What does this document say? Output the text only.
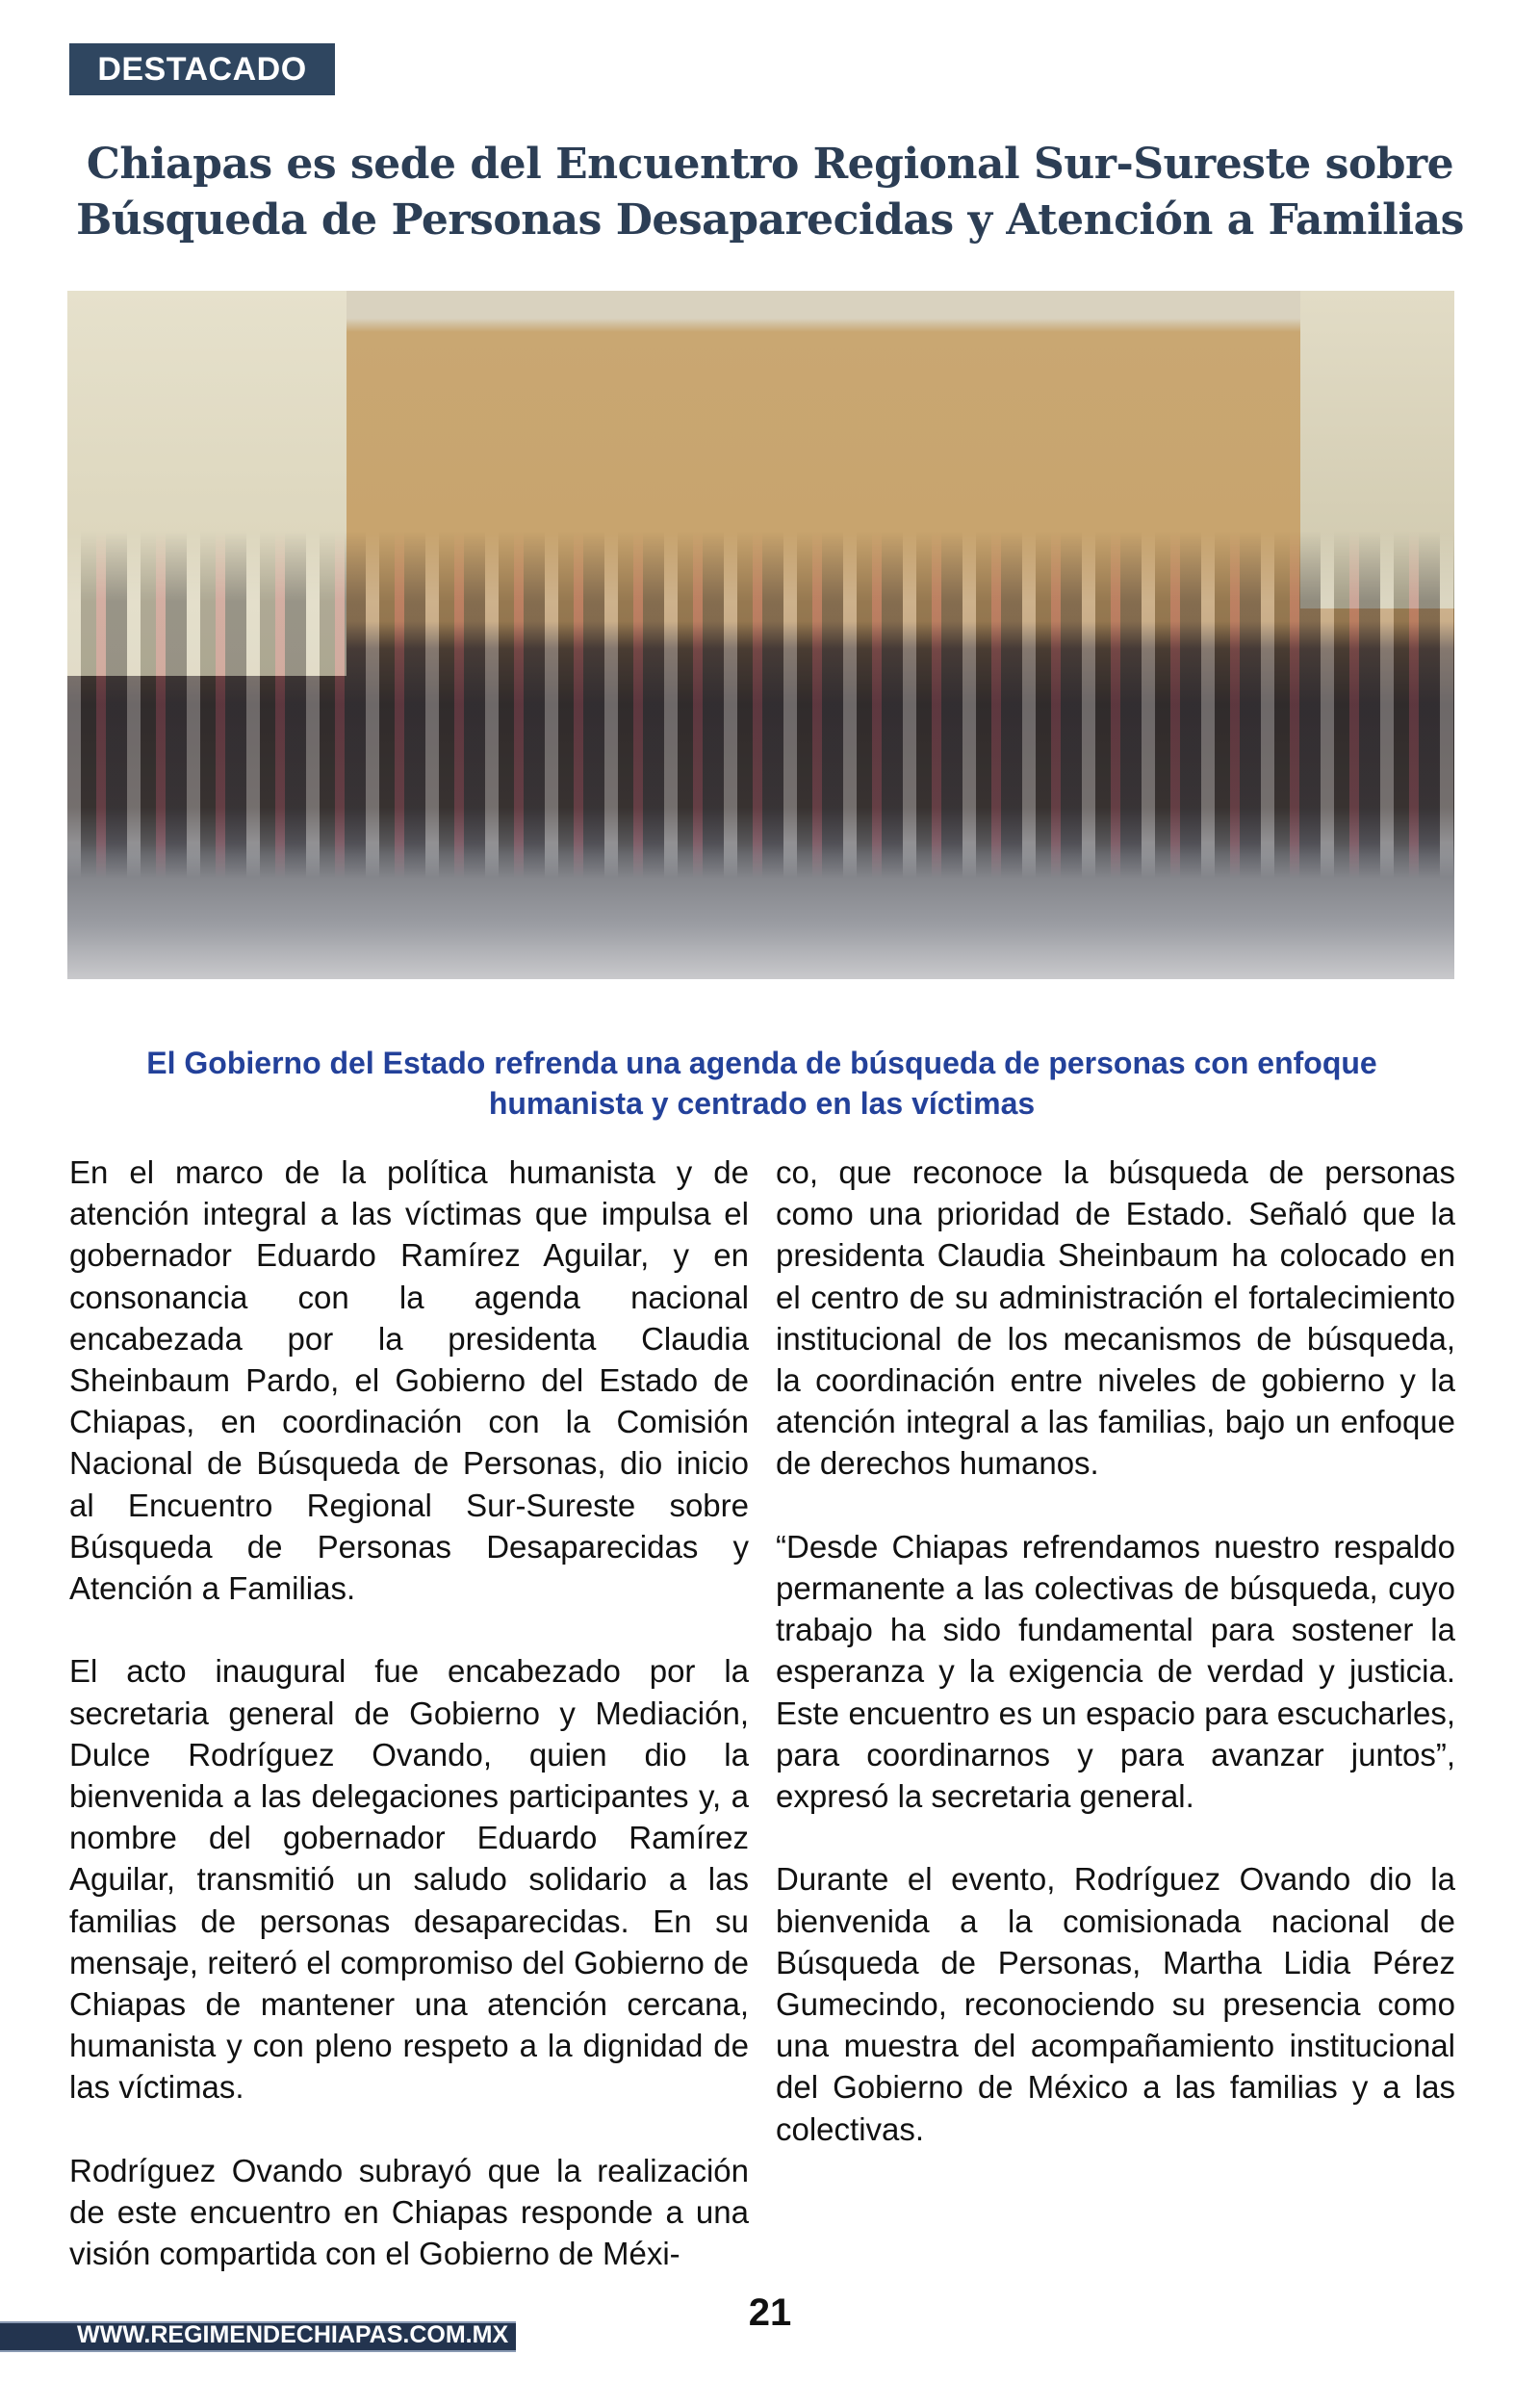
DESTACADO
Chiapas es sede del Encuentro Regional Sur-Sureste sobre Búsqueda de Personas Desaparecidas y Atención a Familias
El Gobierno del Estado refrenda una agenda de búsqueda de personas con enfoque humanista y centrado en las víctimas

En el marco de la política humanista y de atención integral a las víctimas que impulsa el gobernador Eduardo Ramírez Aguilar, y en consonancia con la agenda nacional encabezada por la presidenta Claudia Sheinbaum Pardo, el Gobierno del Estado de Chiapas, en coordinación con la Comisión Nacional de Búsqueda de Personas, dio inicio al Encuentro Regional Sur-Sureste sobre Búsqueda de Personas Desaparecidas y Atención a Familias.

El acto inaugural fue encabezado por la secretaria general de Gobierno y Mediación, Dulce Rodríguez Ovando, quien dio la bienvenida a las delegaciones participantes y, a nombre del gobernador Eduardo Ramírez Aguilar, transmitió un saludo solidario a las familias de personas desaparecidas. En su mensaje, reiteró el compromiso del Gobierno de Chiapas de mantener una atención cercana, humanista y con pleno respeto a la dignidad de las víctimas.

Rodríguez Ovando subrayó que la realización de este encuentro en Chiapas responde a una visión compartida con el Gobierno de Méxi-

co, que reconoce la búsqueda de personas como una prioridad de Estado. Señaló que la presidenta Claudia Sheinbaum ha colocado en el centro de su administración el fortalecimiento institucional de los mecanismos de búsqueda, la coordinación entre niveles de gobierno y la atención integral a las familias, bajo un enfoque de derechos humanos.

“Desde Chiapas refrendamos nuestro respaldo permanente a las colectivas de búsqueda, cuyo trabajo ha sido fundamental para sostener la esperanza y la exigencia de verdad y justicia. Este encuentro es un espacio para escucharles, para coordinarnos y para avanzar juntos”, expresó la secretaria general.

Durante el evento, Rodríguez Ovando dio la bienvenida a la comisionada nacional de Búsqueda de Personas, Martha Lidia Pérez Gumecindo, reconociendo su presencia como una muestra del acompañamiento institucional del Gobierno de México a las familias y a las colectivas.

WWW.REGIMENDECHIAPAS.COM.MX
21
